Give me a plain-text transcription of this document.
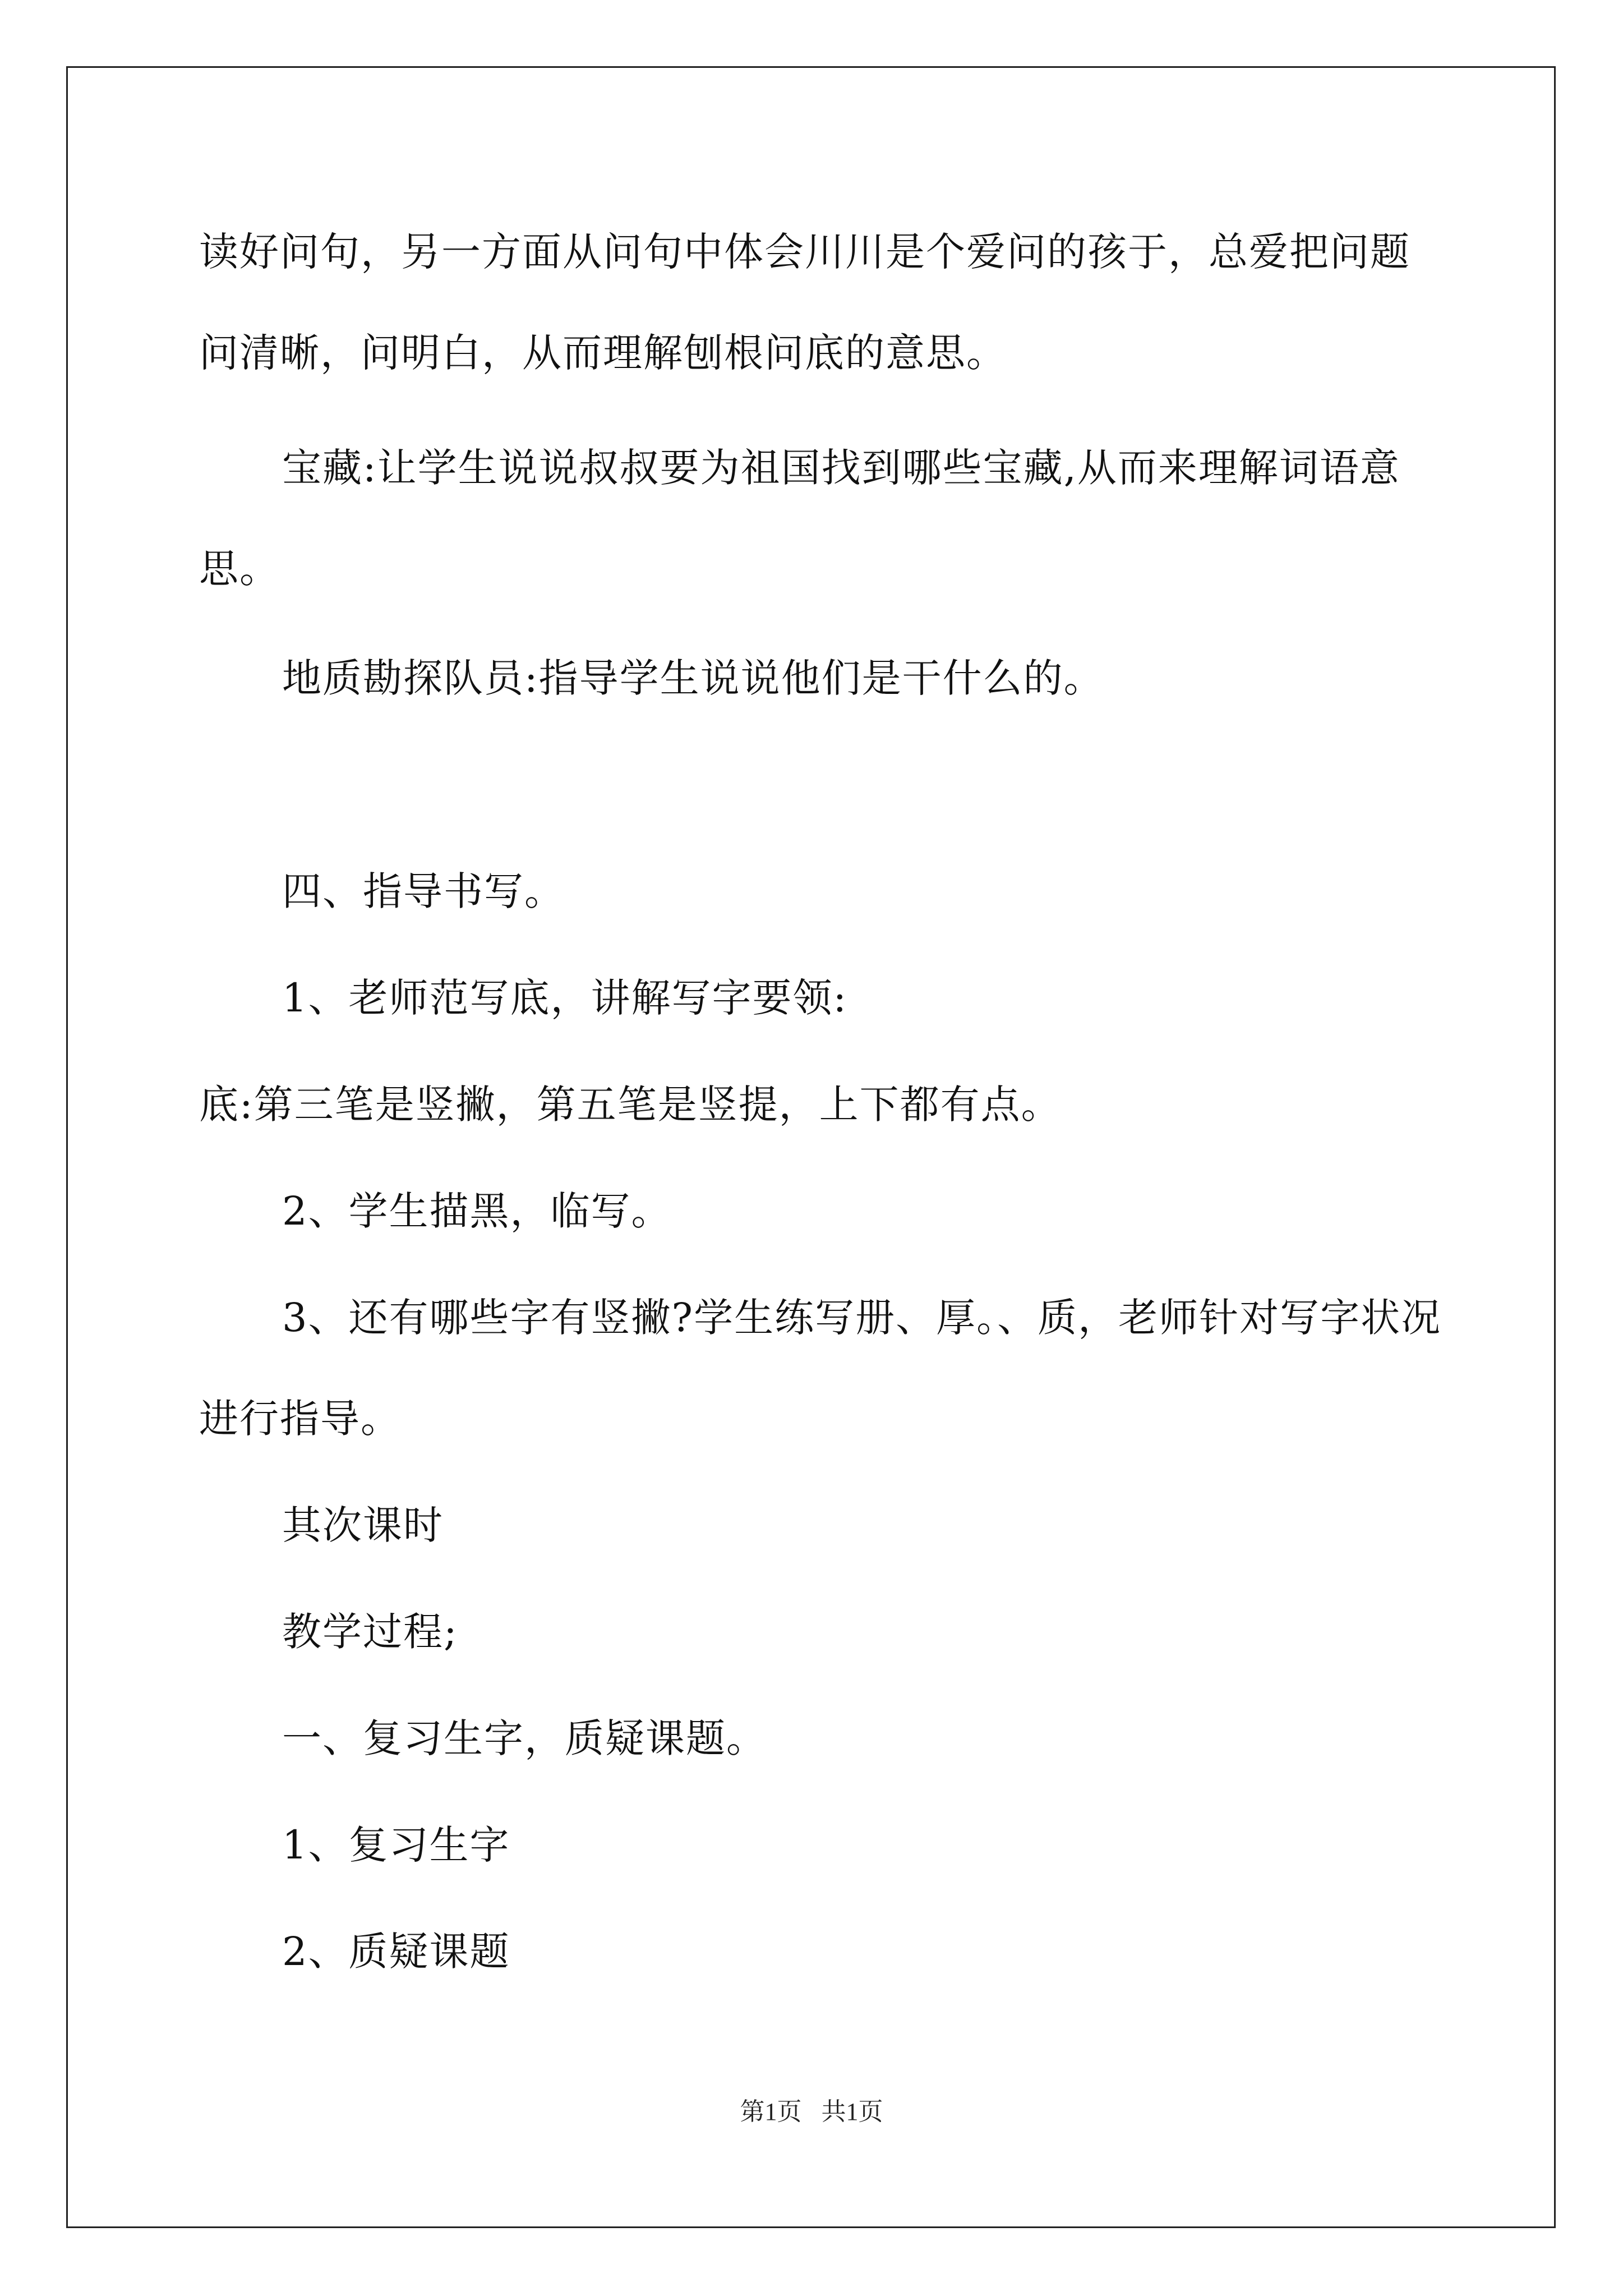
读好问句，另一方面从问句中体会川川是个爱问的孩于，总爱把问题
问清晰，问明白，从而理解刨根问底的意思。
宝藏:让学生说说叔叔要为祖国找到哪些宝藏,从而来理解词语意
思。
地质勘探队员:指导学生说说他们是干什么的。
四、指导书写。
1、老师范写底，讲解写字要领:
底:第三笔是竖撇，第五笔是竖提，上下都有点。
2、学生描黑，临写。
3、还有哪些字有竖撇?学生练写册、厚。、质，老师针对写字状况
进行指导。
其次课时
教学过程;
一、复习生字，质疑课题。
1、复习生字
2、质疑课题
第1页 共1页
